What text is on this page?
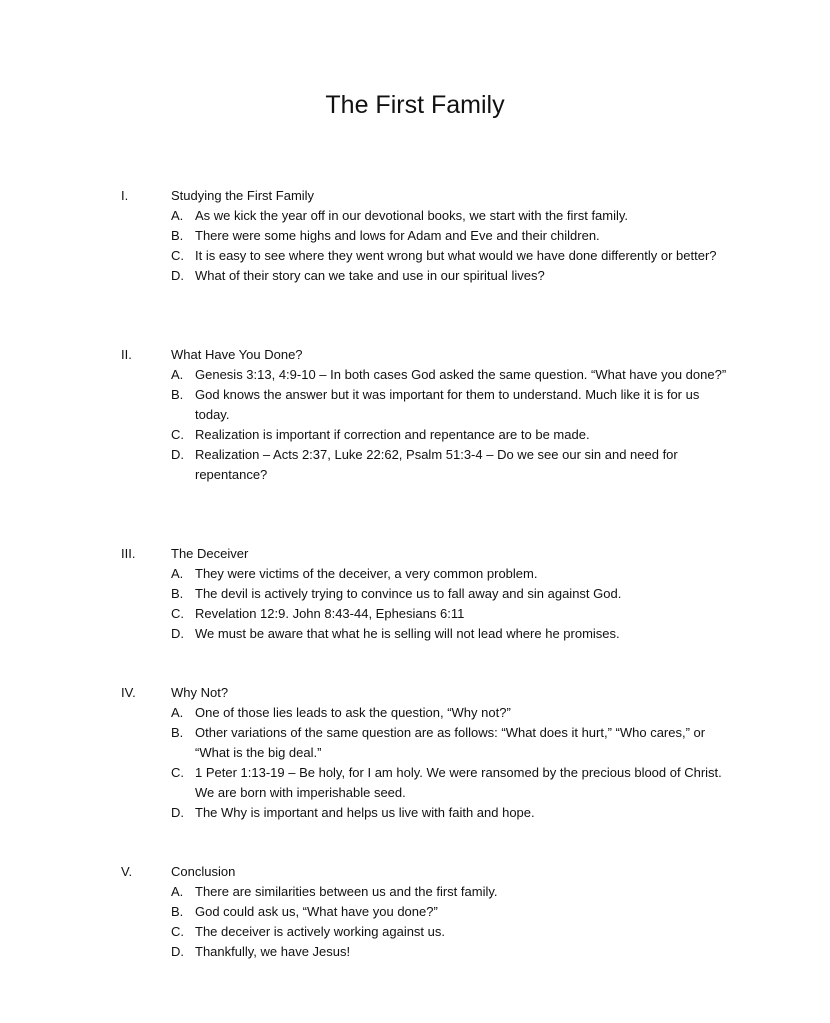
The First Family
I.	Studying the First Family
A. As we kick the year off in our devotional books, we start with the first family.
B. There were some highs and lows for Adam and Eve and their children.
C. It is easy to see where they went wrong but what would we have done differently or better?
D. What of their story can we take and use in our spiritual lives?
II.	What Have You Done?
A. Genesis 3:13, 4:9-10 – In both cases God asked the same question. “What have you done?”
B. God knows the answer but it was important for them to understand. Much like it is for us today.
C. Realization is important if correction and repentance are to be made.
D. Realization – Acts 2:37, Luke 22:62, Psalm 51:3-4 – Do we see our sin and need for repentance?
III.	The Deceiver
A. They were victims of the deceiver, a very common problem.
B. The devil is actively trying to convince us to fall away and sin against God.
C. Revelation 12:9. John 8:43-44, Ephesians 6:11
D. We must be aware that what he is selling will not lead where he promises.
IV.	Why Not?
A. One of those lies leads to ask the question, “Why not?”
B. Other variations of the same question are as follows: “What does it hurt,” “Who cares,” or “What is the big deal.”
C. 1 Peter 1:13-19 – Be holy, for I am holy. We were ransomed by the precious blood of Christ. We are born with imperishable seed.
D. The Why is important and helps us live with faith and hope.
V.	Conclusion
A. There are similarities between us and the first family.
B. God could ask us, “What have you done?”
C. The deceiver is actively working against us.
D. Thankfully, we have Jesus!
